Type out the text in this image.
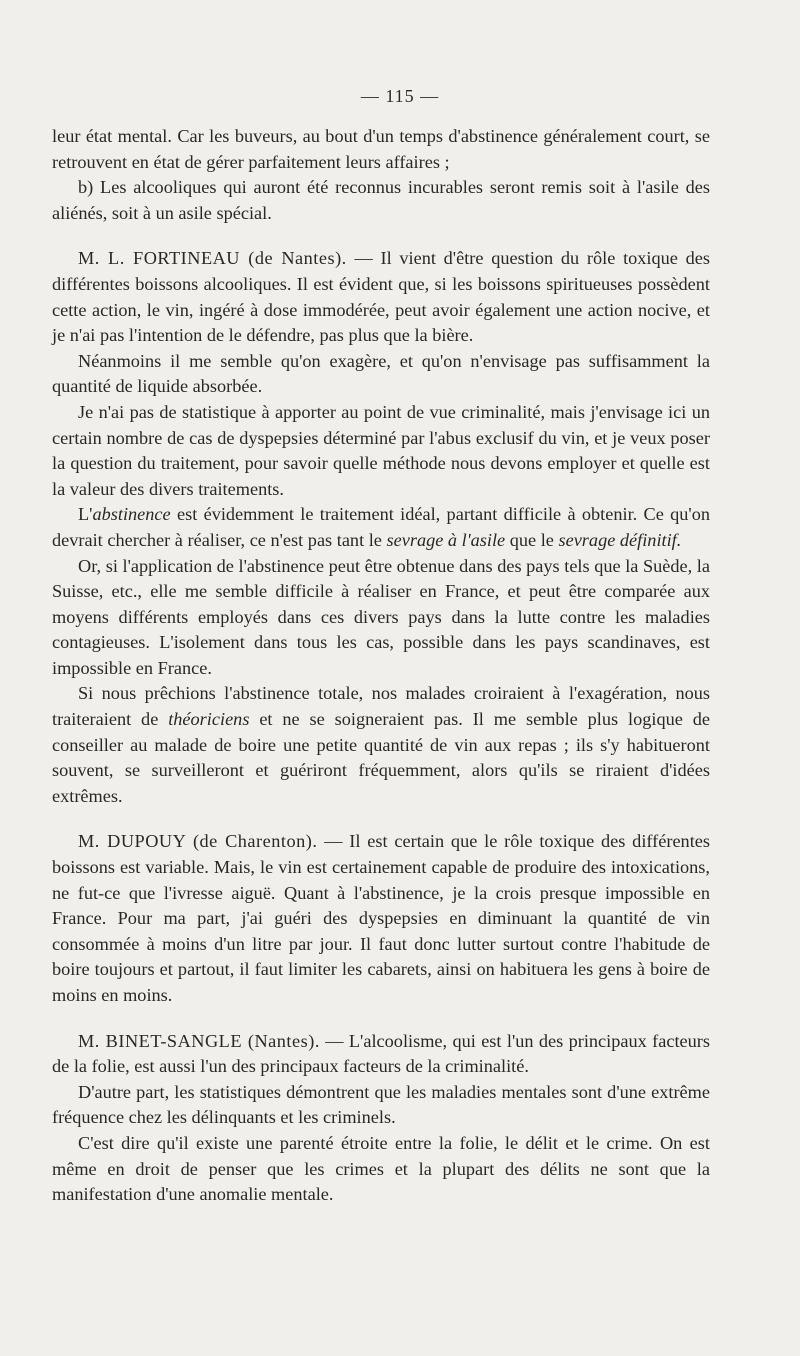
— 115 —

leur état mental. Car les buveurs, au bout d'un temps d'abstinence généralement court, se retrouvent en état de gérer parfaitement leurs affaires ;

b) Les alcooliques qui auront été reconnus incurables seront remis soit à l'asile des aliénés, soit à un asile spécial.

M. L. FORTINEAU (de Nantes). — Il vient d'être question du rôle toxique des différentes boissons alcooliques. Il est évident que, si les boissons spiritueuses possèdent cette action, le vin, ingéré à dose immodérée, peut avoir également une action nocive, et je n'ai pas l'intention de le défendre, pas plus que la bière.

Néanmoins il me semble qu'on exagère, et qu'on n'envisage pas suffisamment la quantité de liquide absorbée.

Je n'ai pas de statistique à apporter au point de vue criminalité, mais j'envisage ici un certain nombre de cas de dyspepsies déterminé par l'abus exclusif du vin, et je veux poser la question du traitement, pour savoir quelle méthode nous devons employer et quelle est la valeur des divers traitements.

L'abstinence est évidemment le traitement idéal, partant difficile à obtenir. Ce qu'on devrait chercher à réaliser, ce n'est pas tant le sevrage à l'asile que le sevrage définitif.

Or, si l'application de l'abstinence peut être obtenue dans des pays tels que la Suède, la Suisse, etc., elle me semble difficile à réaliser en France, et peut être comparée aux moyens différents employés dans ces divers pays dans la lutte contre les maladies contagieuses. L'isolement dans tous les cas, possible dans les pays scandinaves, est impossible en France.

Si nous prêchions l'abstinence totale, nos malades croiraient à l'exagération, nous traiteraient de théoriciens et ne se soigneraient pas. Il me semble plus logique de conseiller au malade de boire une petite quantité de vin aux repas ; ils s'y habitueront souvent, se surveilleront et guériront fréquemment, alors qu'ils se riraient d'idées extrêmes.

M. DUPOUY (de Charenton). — Il est certain que le rôle toxique des différentes boissons est variable. Mais, le vin est certainement capable de produire des intoxications, ne fut-ce que l'ivresse aiguë. Quant à l'abstinence, je la crois presque impossible en France. Pour ma part, j'ai guéri des dyspepsies en diminuant la quantité de vin consommée à moins d'un litre par jour. Il faut donc lutter surtout contre l'habitude de boire toujours et partout, il faut limiter les cabarets, ainsi on habituera les gens à boire de moins en moins.

M. BINET-SANGLE (Nantes). — L'alcoolisme, qui est l'un des principaux facteurs de la folie, est aussi l'un des principaux facteurs de la criminalité.

D'autre part, les statistiques démontrent que les maladies mentales sont d'une extrême fréquence chez les délinquants et les criminels.

C'est dire qu'il existe une parenté étroite entre la folie, le délit et le crime. On est même en droit de penser que les crimes et la plupart des délits ne sont que la manifestation d'une anomalie mentale.
